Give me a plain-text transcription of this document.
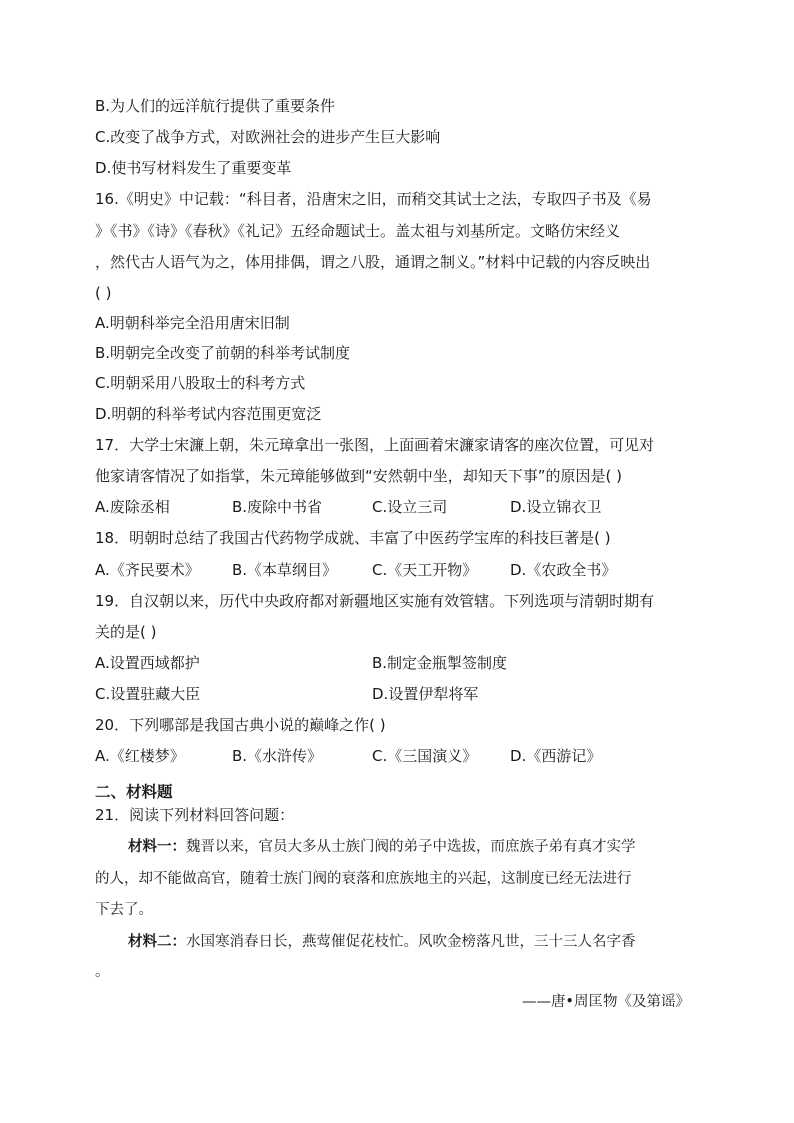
B.为人们的远洋航行提供了重要条件
C.改变了战争方式，对欧洲社会的进步产生巨大影响
D.使书写材料发生了重要变革
16.《明史》中记载：“科目者，沿唐宋之旧，而稍交其试士之法，专取四子书及《易
》《书》《诗》《春秋》《礼记》五经命题试士。盖太祖与刘基所定。文略仿宋经义
，然代古人语气为之，体用排偶，谓之八股，通谓之制义。”材料中记载的内容反映出
( )
A.明朝科举完全沿用唐宋旧制
B.明朝完全改变了前朝的科举考试制度
C.明朝采用八股取士的科考方式
D.明朝的科举考试内容范围更宽泛
17．大学士宋濂上朝，朱元璋拿出一张图，上面画着宋濂家请客的座次位置，可见对
他家请客情况了如指掌，朱元璋能够做到“安然朝中坐，却知天下事”的原因是( )
A.废除丞相	B.废除中书省	C.设立三司	D.设立锦衣卫
18．明朝时总结了我国古代药物学成就、丰富了中医药学宝库的科技巨著是( )
A.《齐民要术》 B.《本草纲目》 C.《天工开物》 D.《农政全书》
19．自汉朝以来，历代中央政府都对新疆地区实施有效管辖。下列选项与清朝时期有
关的是( )
A.设置西域都护	B.制定金瓶掣签制度
C.设置驻藏大臣	D.设置伊犁将军
20．下列哪部是我国古典小说的巅峰之作( )
A.《红楼梦》	B.《水浒传》	C.《三国演义》 D.《西游记》
二、材料题
21．阅读下列材料回答问题：
材料一：魏晋以来，官员大多从士族门阀的弟子中选拔，而庶族子弟有真才实学
的人，却不能做高官，随着士族门阀的衰落和庶族地主的兴起，这制度已经无法进行
下去了。
材料二：水国寒消春日长，燕莺催促花枝忙。风吹金榜落凡世，三十三人名字香
。
——唐•周匡物《及第谣》
